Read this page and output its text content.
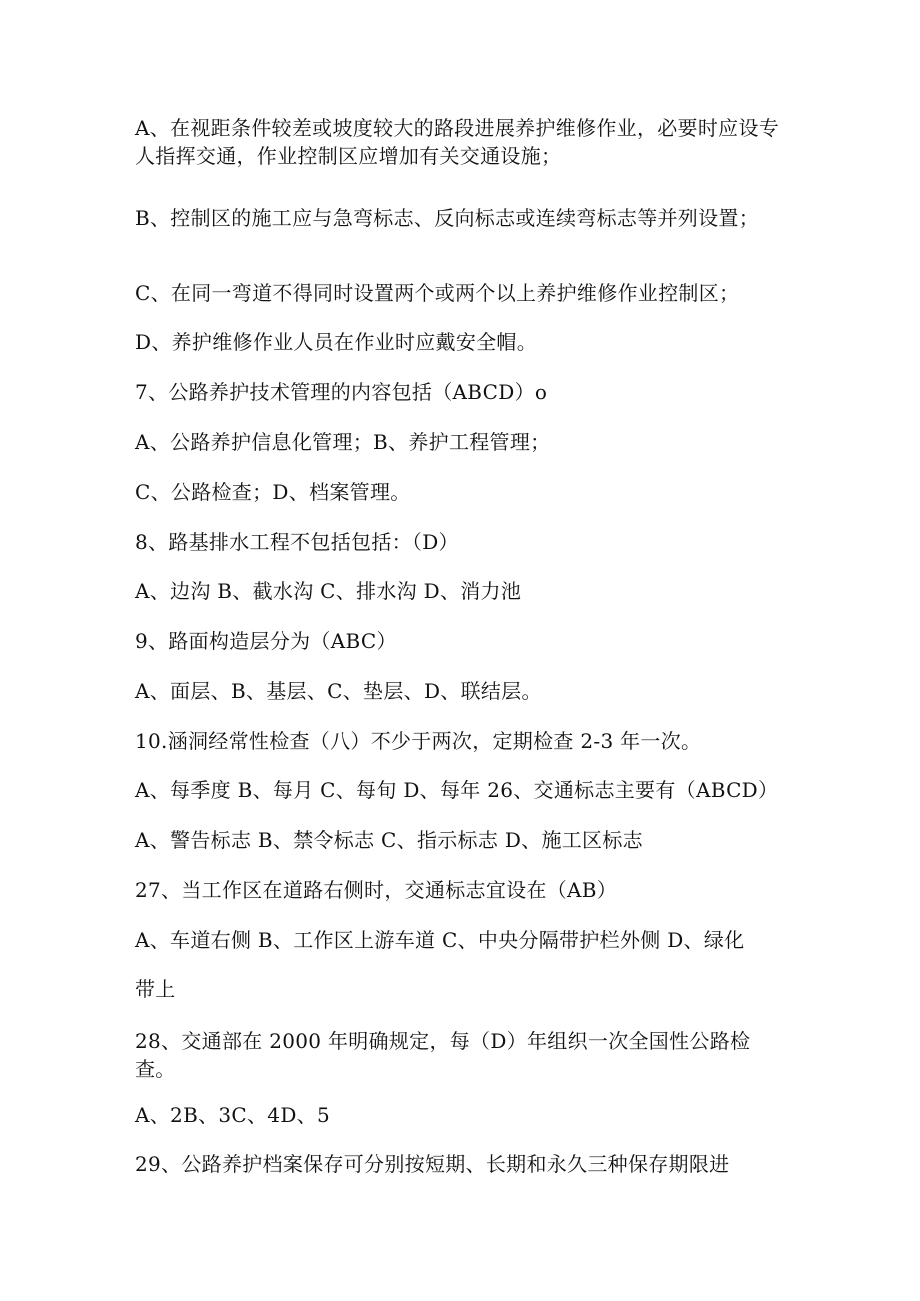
A、在视距条件较差或坡度较大的路段进展养护维修作业，必要时应设专人指挥交通，作业控制区应增加有关交通设施；
B、控制区的施工应与急弯标志、反向标志或连续弯标志等并列设置；
C、在同一弯道不得同时设置两个或两个以上养护维修作业控制区；
D、养护维修作业人员在作业时应戴安全帽。
7、公路养护技术管理的内容包括（ABCD）o
A、公路养护信息化管理；B、养护工程管理；
C、公路检查；D、档案管理。
8、路基排水工程不包括包括：（D）
A、边沟 B、截水沟 C、排水沟 D、消力池
9、路面构造层分为（ABC）
A、面层、B、基层、C、垫层、D、联结层。
10.涵洞经常性检查（八）不少于两次，定期检查 2-3 年一次。
A、每季度 B、每月 C、每旬 D、每年 26、交通标志主要有（ABCD）
A、警告标志 B、禁令标志 C、指示标志 D、施工区标志
27、当工作区在道路右侧时，交通标志宜设在（AB）
A、车道右侧 B、工作区上游车道 C、中央分隔带护栏外侧 D、绿化
带上
28、交通部在 2000 年明确规定，每（D）年组织一次全国性公路检查。
A、2B、3C、4D、5
29、公路养护档案保存可分别按短期、长期和永久三种保存期限进
